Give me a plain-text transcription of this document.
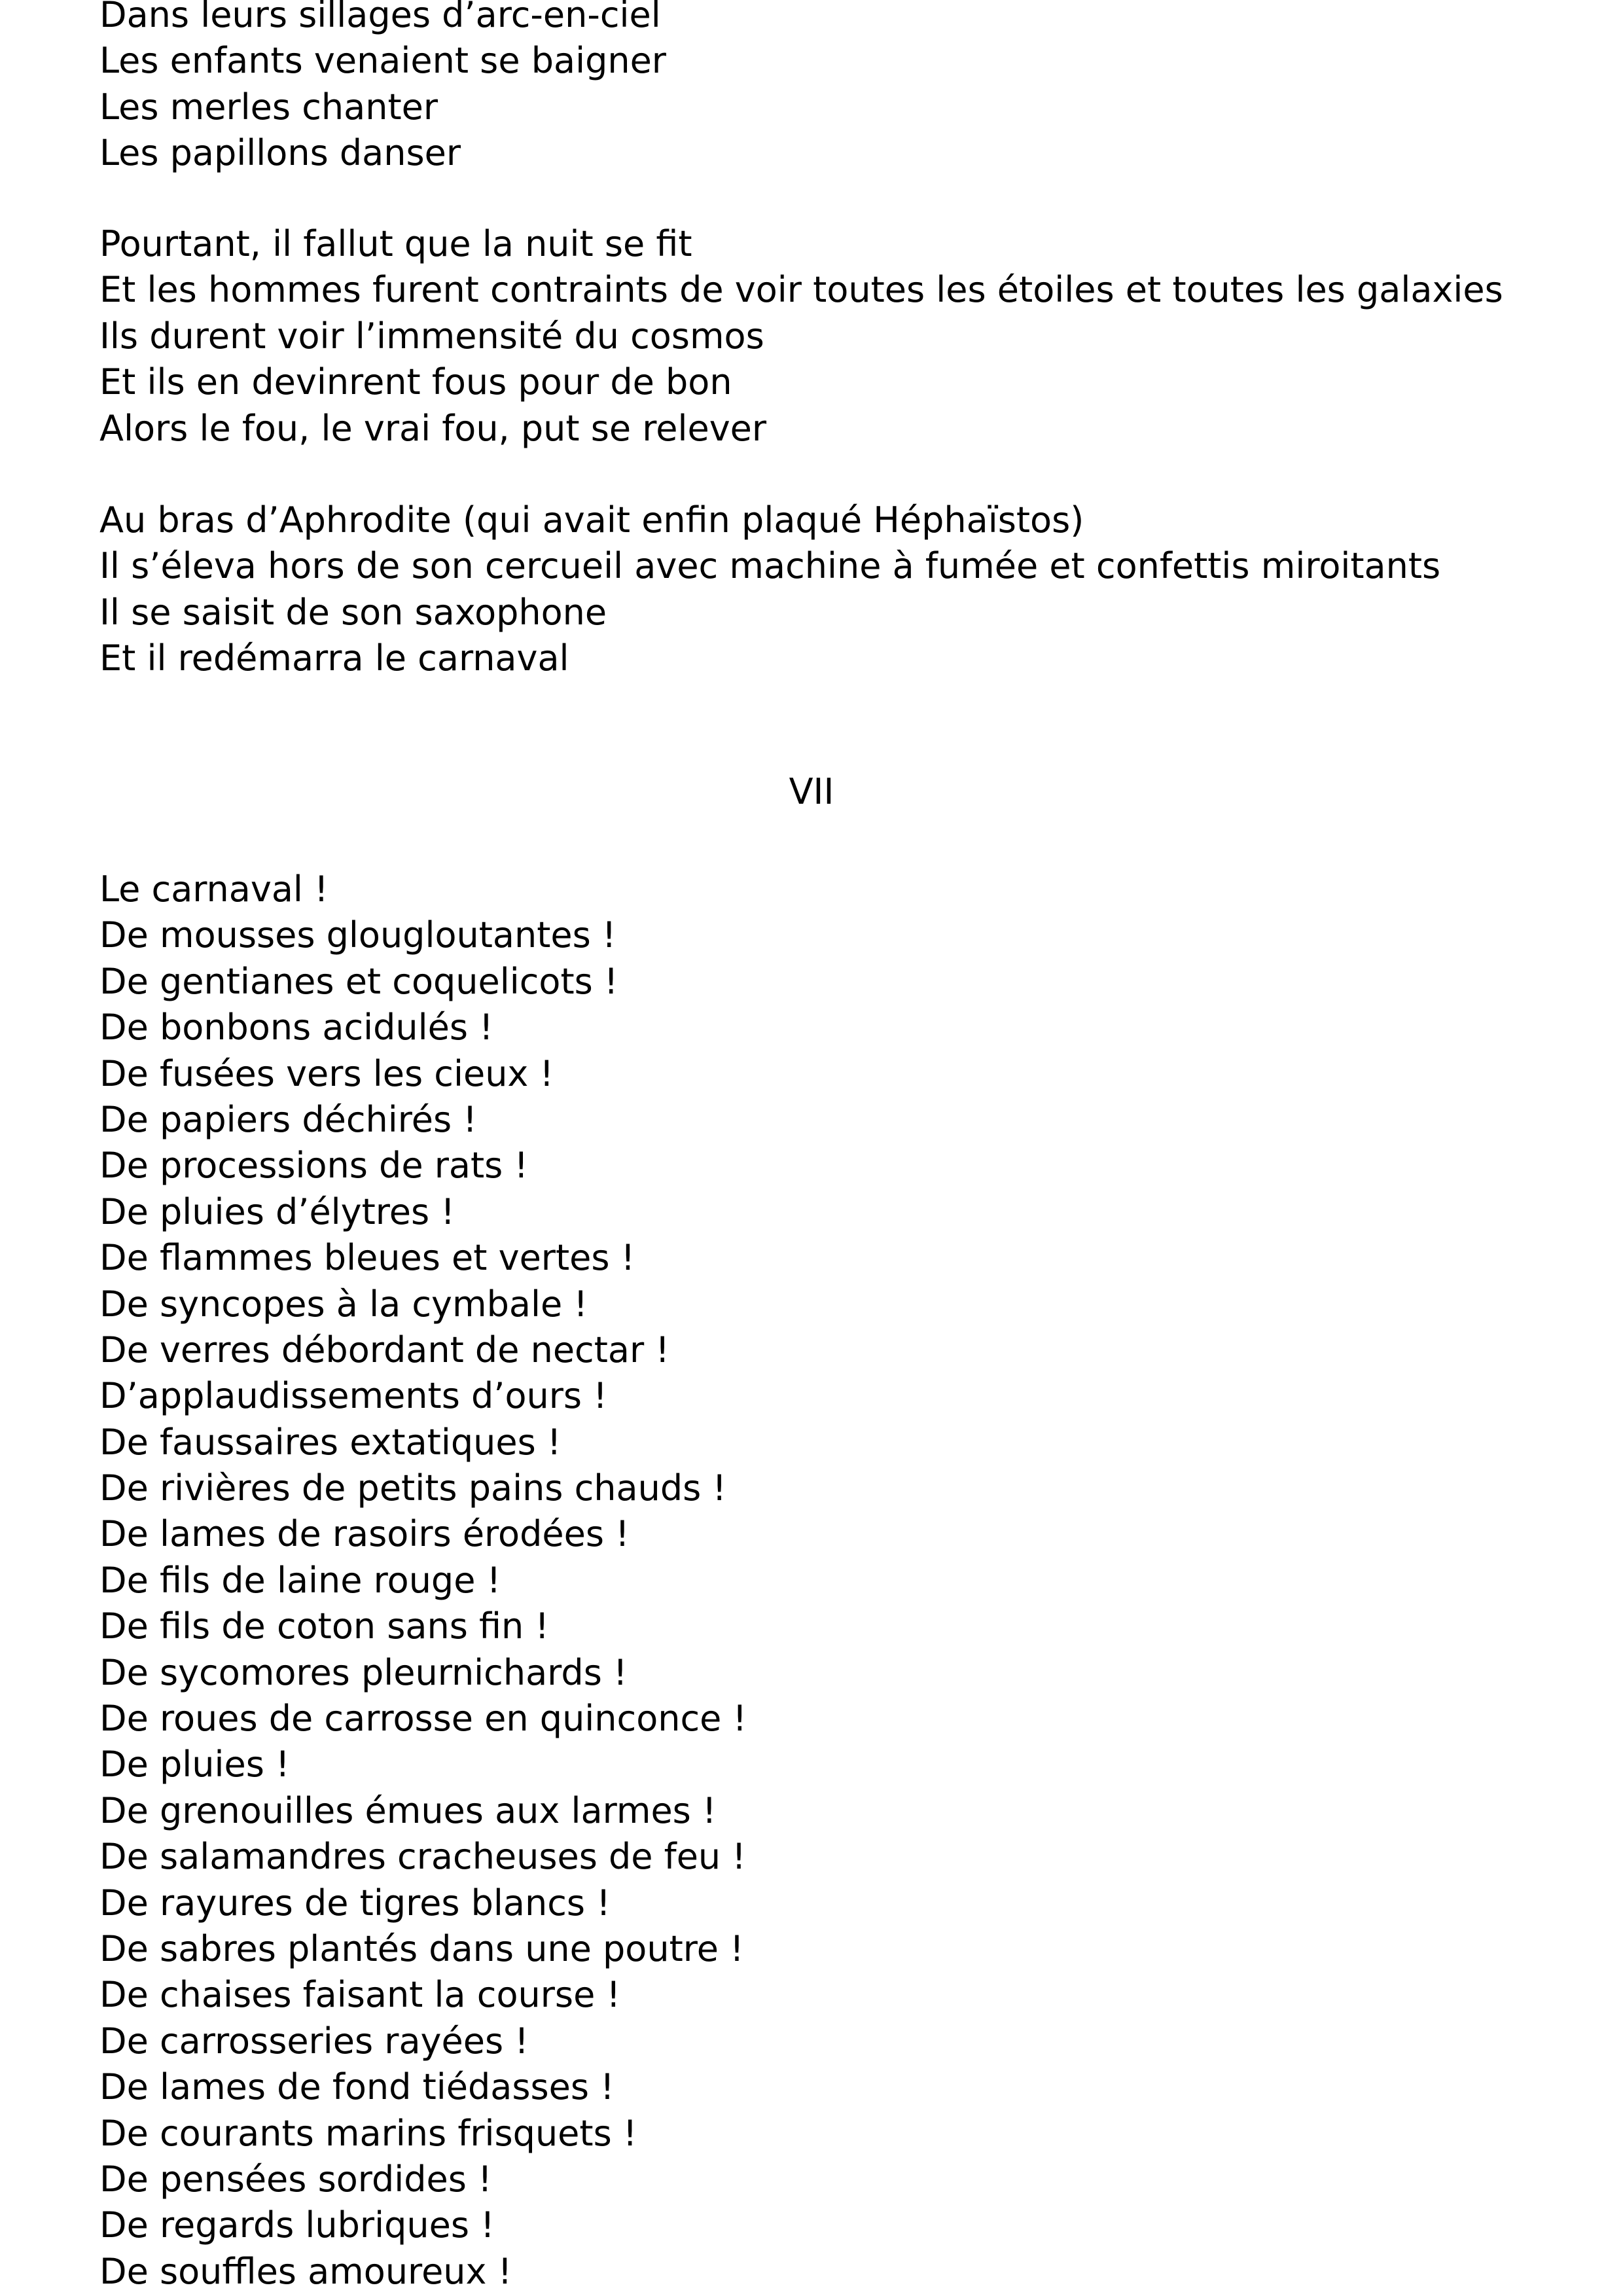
Dans leurs sillages d’arc-en-ciel
Les enfants venaient se baigner
Les merles chanter
Les papillons danser
Pourtant, il fallut que la nuit se fit
Et les hommes furent contraints de voir toutes les étoiles et toutes les galaxies
Ils durent voir l’immensité du cosmos
Et ils en devinrent fous pour de bon
Alors le fou, le vrai fou, put se relever
Au bras d’Aphrodite (qui avait enfin plaqué Héphaïstos)
Il s’éleva hors de son cercueil avec machine à fumée et confettis miroitants
Il se saisit de son saxophone
Et il redémarra le carnaval
VII
Le carnaval !
De mousses glougloutantes !
De gentianes et coquelicots !
De bonbons acidulés !
De fusées vers les cieux !
De papiers déchirés !
De processions de rats !
De pluies d’élytres !
De flammes bleues et vertes !
De syncopes à la cymbale !
De verres débordant de nectar !
D’applaudissements d’ours !
De faussaires extatiques !
De rivières de petits pains chauds !
De lames de rasoirs érodées !
De fils de laine rouge !
De fils de coton sans fin !
De sycomores pleurnichards !
De roues de carrosse en quinconce !
De pluies !
De grenouilles émues aux larmes !
De salamandres cracheuses de feu !
De rayures de tigres blancs !
De sabres plantés dans une poutre !
De chaises faisant la course !
De carrosseries rayées !
De lames de fond tiédasses !
De courants marins frisquets !
De pensées sordides !
De regards lubriques !
De souffles amoureux !
